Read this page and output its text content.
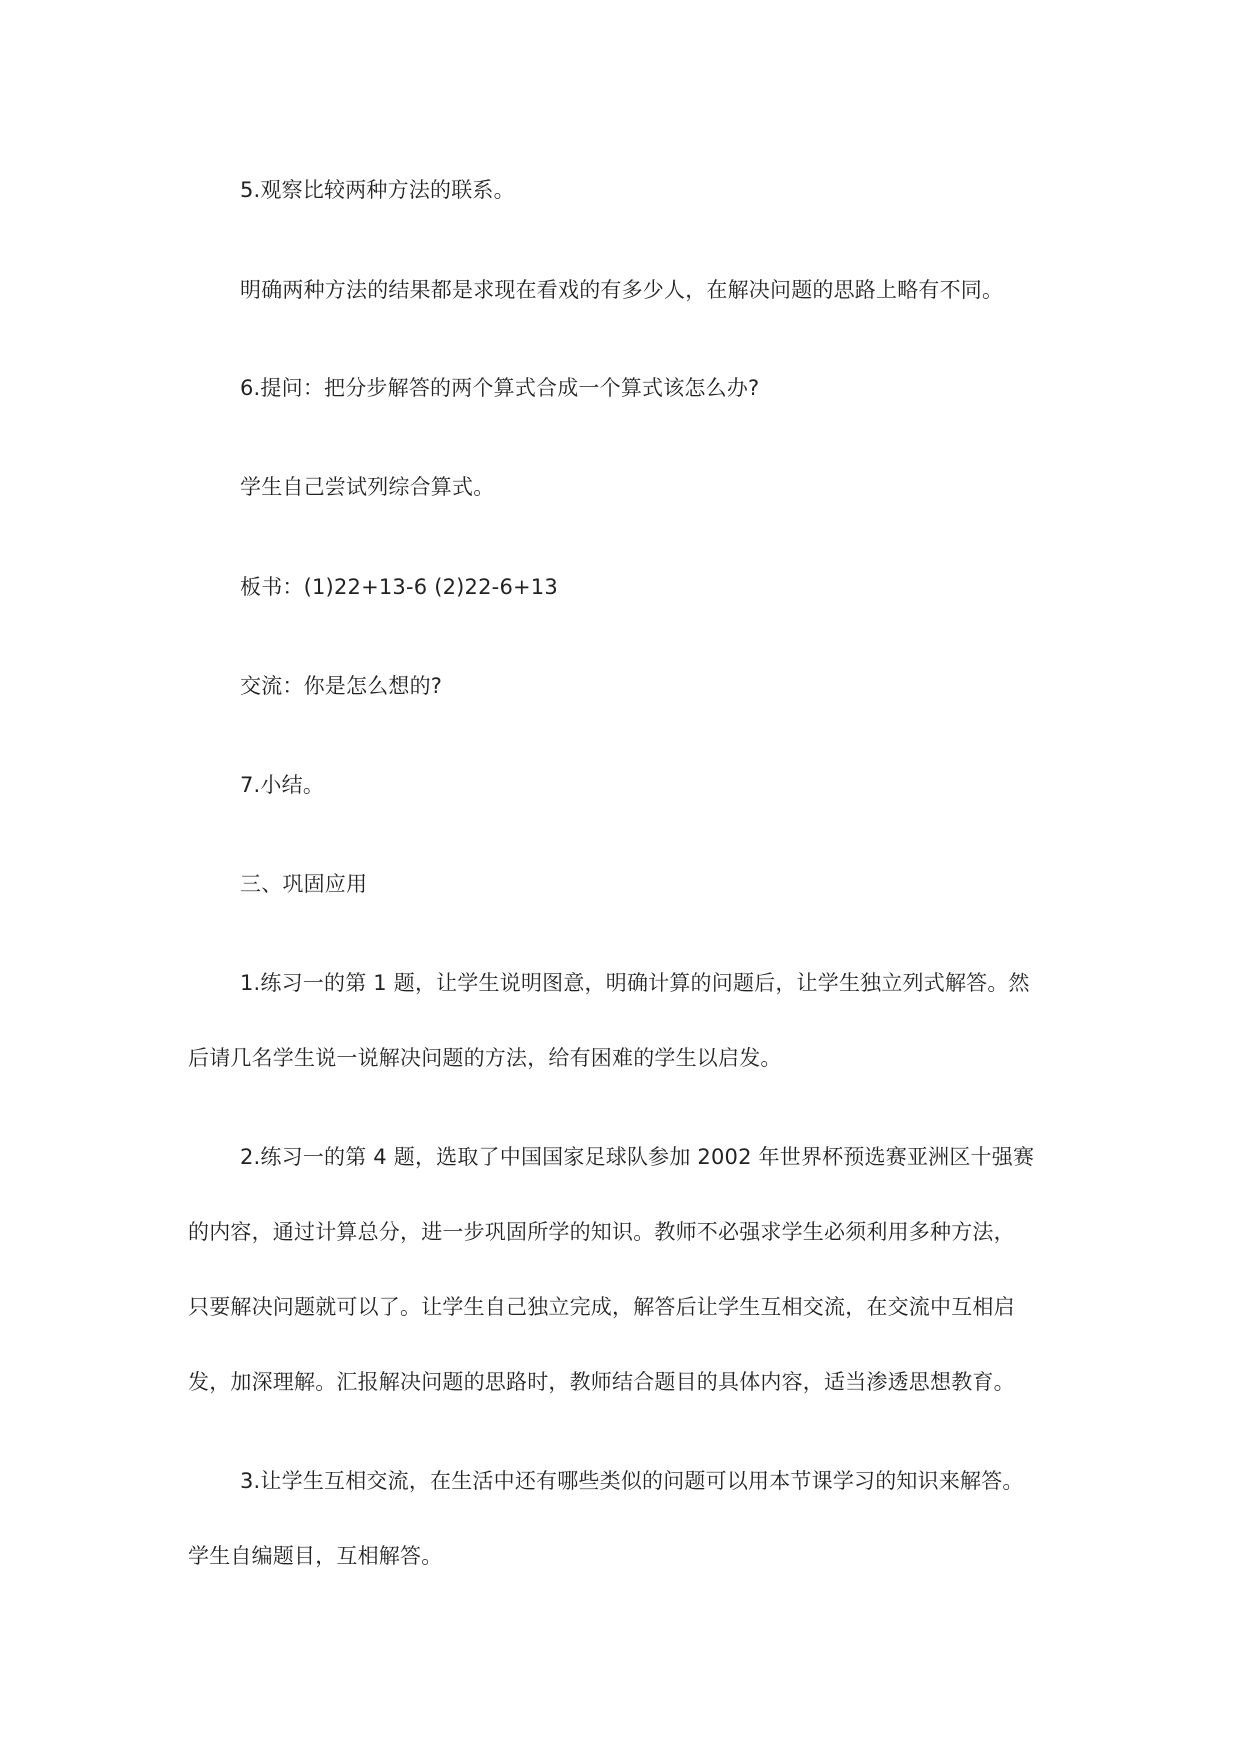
5.观察比较两种方法的联系。
明确两种方法的结果都是求现在看戏的有多少人，在解决问题的思路上略有不同。
6.提问：把分步解答的两个算式合成一个算式该怎么办?
学生自己尝试列综合算式。
板书：(1)22+13-6 (2)22-6+13
交流：你是怎么想的?
7.小结。
三、巩固应用
1.练习一的第 1 题，让学生说明图意，明确计算的问题后，让学生独立列式解答。然
后请几名学生说一说解决问题的方法，给有困难的学生以启发。
2.练习一的第 4 题，选取了中国国家足球队参加 2002 年世界杯预选赛亚洲区十强赛
的内容，通过计算总分，进一步巩固所学的知识。教师不必强求学生必须利用多种方法，
只要解决问题就可以了。让学生自己独立完成，解答后让学生互相交流，在交流中互相启
发，加深理解。汇报解决问题的思路时，教师结合题目的具体内容，适当渗透思想教育。
3.让学生互相交流，在生活中还有哪些类似的问题可以用本节课学习的知识来解答。
学生自编题目，互相解答。
